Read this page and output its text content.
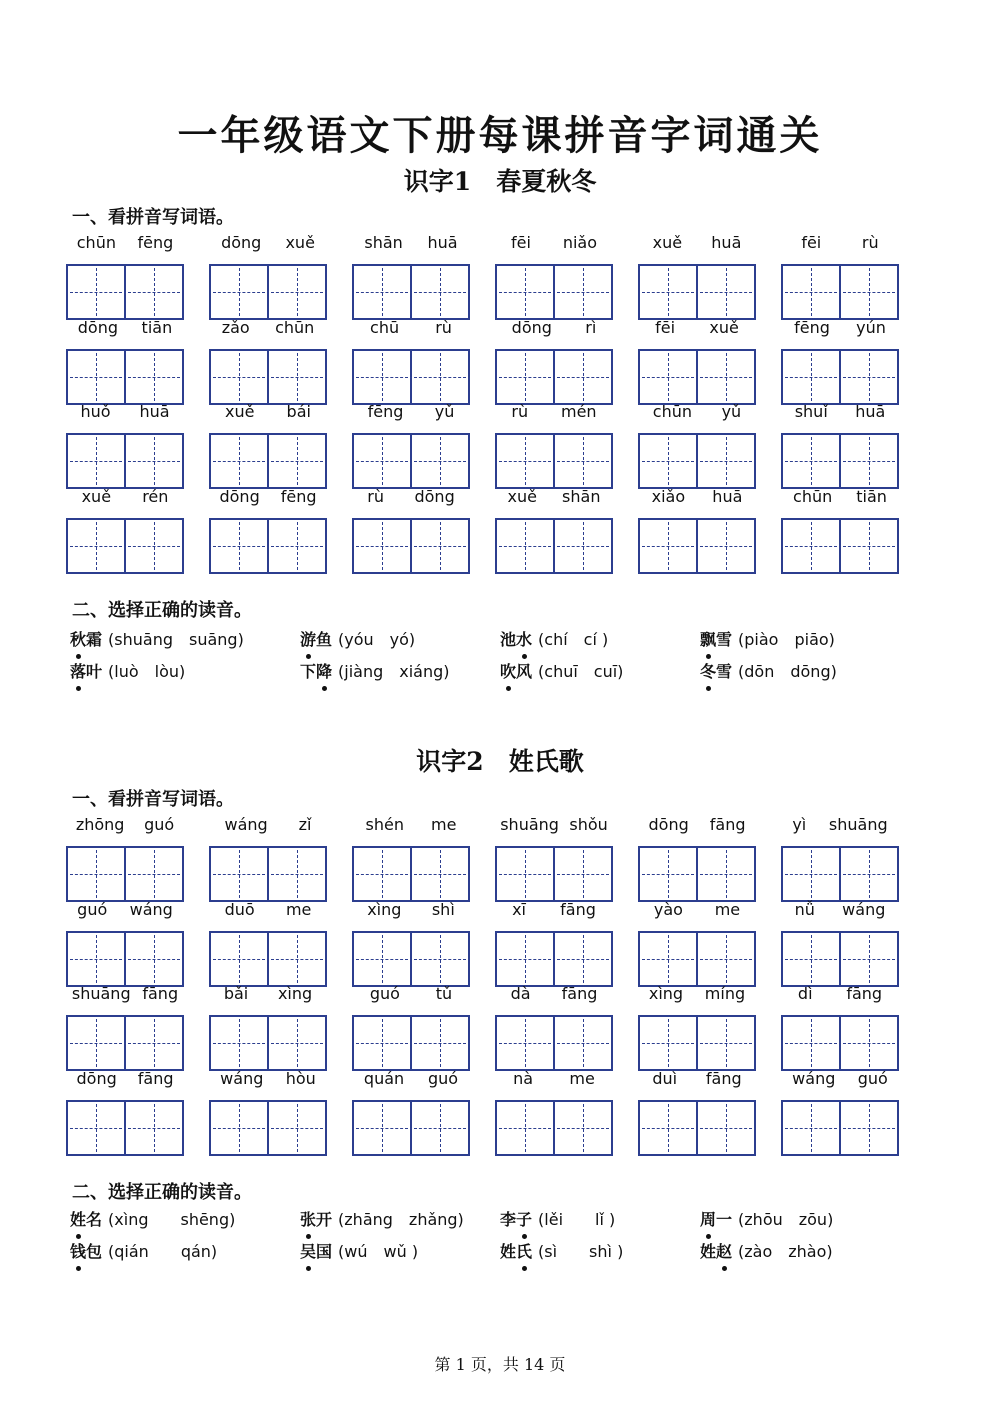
一年级语文下册每课拼音字词通关
识字1　春夏秋冬
一、看拼音写词语。
chūn fēng	dōng xuě	shān huā	fēi niǎo	xuě huā	fēi	rù
dōng tiān	zǎo chūn	chū rù	dōng rì	fēi xuě	fēng yún
huǒ huā	xuě bái	fēng yǔ	rù mén	chūn yǔ	shuǐ huā
xuě rén	dōng fēng	rù dōng	xuě shān	xiǎo huā	chūn tiān
二、选择正确的读音。
秋霜 (shuāng　suāng)	游鱼 (yóu　yó)	池水 (chí　cí )	飘雪 (piào　piāo)
落叶 (luò　lòu)	下降 (jiàng　xiáng)	吹风 (chuī　cuī)	冬雪 (dōn　dōng)
识字2　姓氏歌
一、看拼音写词语。
zhōng guó	wáng zǐ	shén me	shuāng shǒu	dōng fāng	yì shuāng
guó wáng	duō me	xìng shì	xī fāng	yào me	nǚ wáng
shuāng fāng	bǎi xìng	guó tǔ	dà fāng	xìng míng	dì fāng
dōng fāng	wáng hòu	quán guó	nà me	duì fāng	wáng guó
二、选择正确的读音。
姓名 (xìng　　shēng)	张开 (zhāng　zhǎng) 李子 (lěi　　lǐ )	周一 (zhōu　zōu)
钱包 (qián　　qán)	吴国 (wú　wǔ )	姓氏 (sì　　shì )	姓赵 (zào　zhào)
第 1 页，共 14 页
